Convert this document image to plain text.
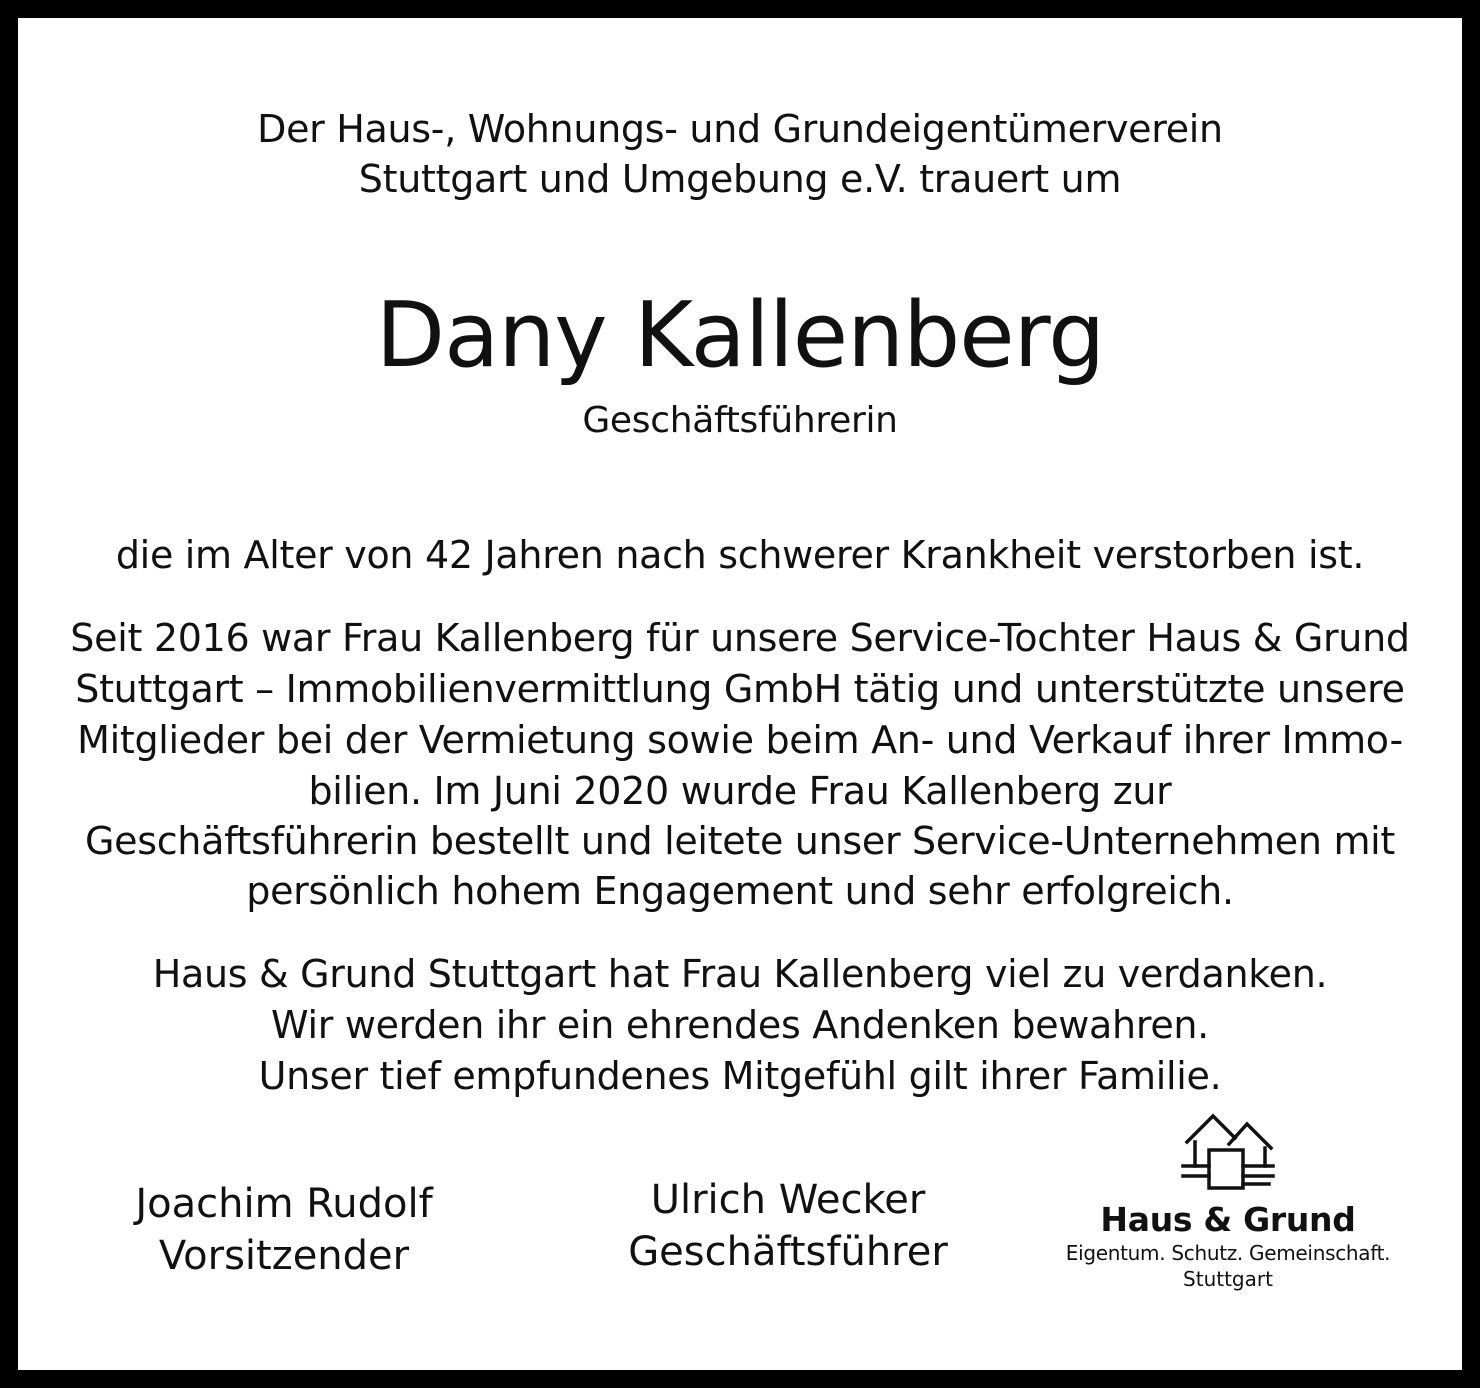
Der Haus-, Wohnungs- und Grundeigentümerverein
Stuttgart und Umgebung e.V. trauert um
Dany Kallenberg
Geschäftsführerin
die im Alter von 42 Jahren nach schwerer Krankheit verstorben ist.
Seit 2016 war Frau Kallenberg für unsere Service-Tochter Haus & Grund
Stuttgart – Immobilienvermittlung GmbH tätig und unterstützte unsere
Mitglieder bei der Vermietung sowie beim An- und Verkauf ihrer Immo-
bilien. Im Juni 2020 wurde Frau Kallenberg zur
Geschäftsführerin bestellt und leitete unser Service-Unternehmen mit
persönlich hohem Engagement und sehr erfolgreich.
Haus & Grund Stuttgart hat Frau Kallenberg viel zu verdanken.
Wir werden ihr ein ehrendes Andenken bewahren.
Unser tief empfundenes Mitgefühl gilt ihrer Familie.
Joachim Rudolf
Vorsitzender
Ulrich Wecker
Geschäftsführer
Haus & Grund
Eigentum. Schutz. Gemeinschaft.
Stuttgart
